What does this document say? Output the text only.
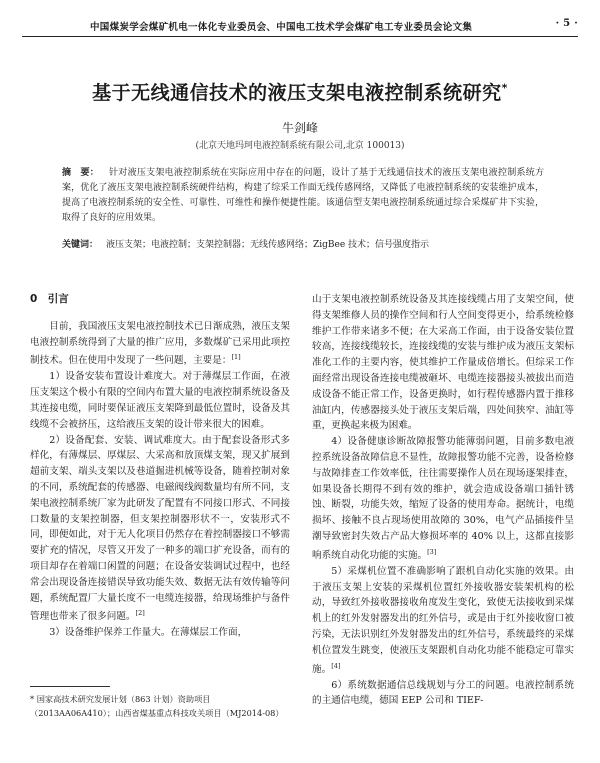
中国煤炭学会煤矿机电一体化专业委员会、中国电工技术学会煤矿电工专业委员会论文集	· 5 ·
基于无线通信技术的液压支架电液控制系统研究*
牛剑峰
(北京天地玛珂电液控制系统有限公司,北京 100013)
摘　要： 针对液压支架电液控制系统在实际应用中存在的问题，设计了基于无线通信技术的液压支架电液控制系统方案，优化了液压支架电液控制系统硬件结构，构建了综采工作面无线传感网络，又降低了电液控制系统的安装维护成本，提高了电液控制系统的安全性、可靠性、可维性和操作便捷性能。该通信型支架电液控制系统通过综合采煤矿井下实验，取得了良好的应用效果。
关键词： 液压支架；电液控制；支架控制器；无线传感网络；ZigBee 技术；信号强度指示
0　引言

目前，我国液压支架电液控制技术已日渐成熟，液压支架电液控制系统得到了大量的推广应用，多数煤矿已采用此项控制技术。但在使用中发现了一些问题，主要是：[1]

1）设备安装布置设计难度大。对于薄煤层工作面，在液压支架这个极小有限的空间内布置大量的电液控制系统设备及其连接电缆，同时要保证液压支架降到最低位置时，设备及其线缆不会被挤压，这给液压支架的设计带来很大的困难。

2）设备配套、安装、调试难度大。由于配套设备形式多样化，有薄煤层、厚煤层、大采高和放顶煤支架，现又扩展到超前支架、端头支架以及巷道掘进机械等设备，随着控制对象的不同，系统配套的传感器、电磁阀线阀数量均有所不同，支架电液控制系统厂家为此研发了配置有不同接口形式、不同接口数量的支架控制器，但支架控制器形状不一，安装形式不同，即便如此，对于无人化项目仍然存在着控制器接口不够需要扩充的情况，尽管又开发了一种多的端口扩充设备，而有的项目却存在着端口闲置的问题；在设备安装调试过程中，也经常会出现设备连接错误导致功能失效、数据无法有效传输等问题，系统配置厂大量长度不一电缆连接器，给现场维护与备件管理也带来了很多问题。[2]

3）设备维护保养工作量大。在薄煤层工作面，

山于支架电液控制系统设备及其连接线缆占用了支架空间，使得支架维修人员的操作空间和行人空间变得更小，给系统检修维护工作带来诸多不便；在大采高工作面，由于设备安装位置较高，连接线缆较长，连接线缆的安装与维护成为液压支架标准化工作的主要内容，使其维护工作量成倍增长。但综采工作面经常出现设备连接电缆被砸坏、电缆连接器接头被拔出而造成设备不能正常工作，设备更换时，如行程传感器内置于推移油缸内，传感器接头处于液压支架后端，四处间狭窄、油缸等重，更换起来极为困难。

4）设备健康诊断故障报警功能薄弱问题，目前多数电液控系统设备故障信息不显性，故障报警功能不完善，设备检修与故障排查工作效率低，往往需要操作人员在现场逐架排查，如果设备长期得不到有效的维护，就会造成设备端口插针锈蚀、断裂，功能失效，缩短了设备的使用寿命。据统计，电缆损坏、接触不良占现场使用故障的 30%，电气产品插接件呈潮导致密封失效占产品大修损坏率的 40% 以上，这都直接影响系统自动化功能的实施。[3]

5）采煤机位置不准确影响了跟机自动化实施的效果。由于液压支架上安装的采煤机位置红外接收器安装架机构的松动，导致红外接收器接收角度发生变化，致使无法接收到采煤机上的红外发射器发出的红外信号，或是由于红外接收窗口被污染，无法识别红外发射器发出的红外信号，系统最终的采煤机位置发生跳变，使液压支架跟机自动化功能不能稳定可靠实施。[4]

6）系统数据通信总线规划与分工的问题。电液控制系统的主通信电缆，德国 EEP 公司和 TIEF-

* 国家高技术研究发展计划（863 计划）资助项目（2013AA06A410）；山西省煤基重点科技攻关项目（MJ2014-08）
